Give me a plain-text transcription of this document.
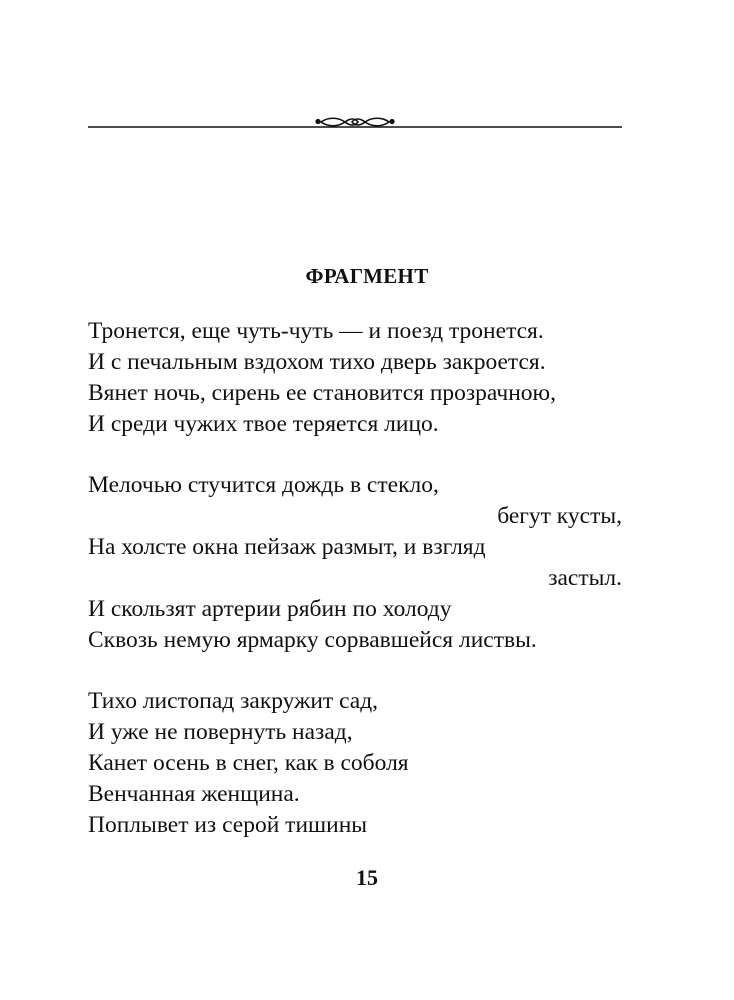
ФРАГМЕНТ
Тронется, еще чуть-чуть — и поезд тронется.
И с печальным вздохом тихо дверь закроется.
Вянет ночь, сирень ее становится прозрачною,
И среди чужих твое теряется лицо.
Мелочью стучится дождь в стекло,
бегут кусты,
На холсте окна пейзаж размыт, и взгляд
застыл.
И скользят артерии рябин по холоду
Сквозь немую ярмарку сорвавшейся листвы.
Тихо листопад закружит сад,
И уже не повернуть назад,
Канет осень в снег, как в соболя
Венчанная женщина.
Поплывет из серой тишины
15
